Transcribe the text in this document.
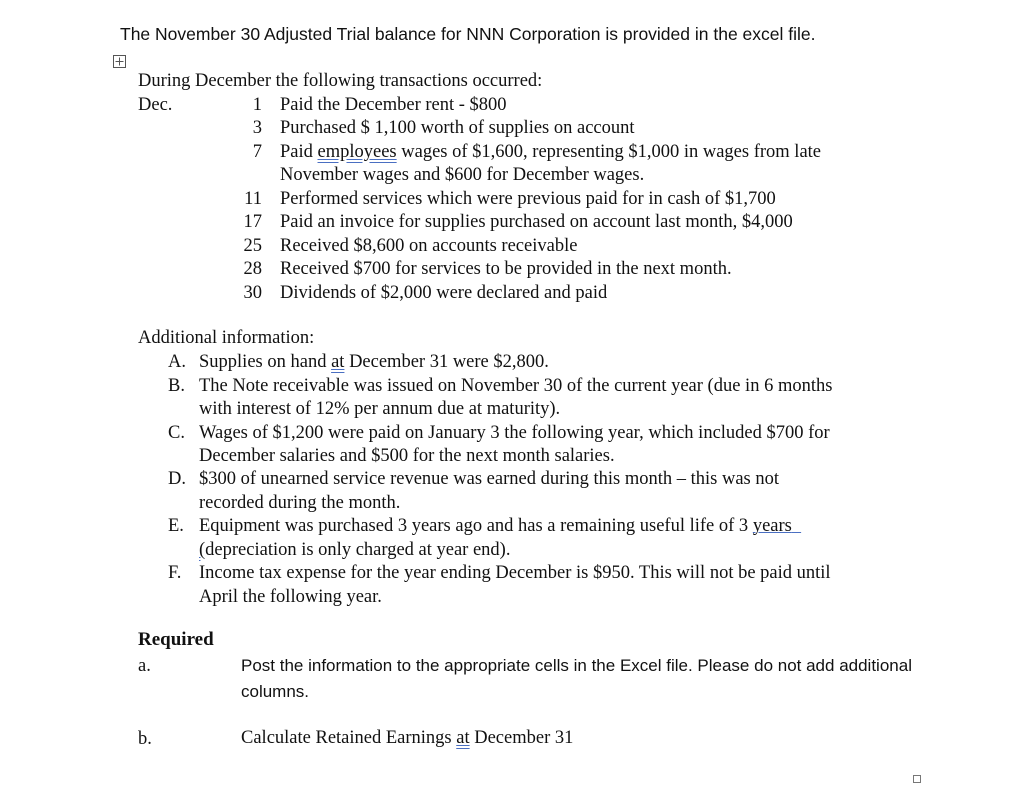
The November 30 Adjusted Trial balance for NNN Corporation is provided in the excel file.
During December the following transactions occurred:
Dec.	1 Paid the December rent - $800
3 Purchased $ 1,100 worth of supplies on account
7 Paid employees wages of $1,600, representing $1,000 in wages from late
November wages and $600 for December wages.
11 Performed services which were previous paid for in cash of $1,700
17 Paid an invoice for supplies purchased on account last month, $4,000
25 Received $8,600 on accounts receivable
28 Received $700 for services to be provided in the next month.
30 Dividends of $2,000 were declared and paid
Additional information:
A. Supplies on hand at December 31 were $2,800.
B. The Note receivable was issued on November 30 of the current year (due in 6 months
with interest of 12% per annum due at maturity).
C. Wages of $1,200 were paid on January 3 the following year, which included $700 for
December salaries and $500 for the next month salaries.
D. $300 of unearned service revenue was earned during this month – this was not
recorded during the month.
E. Equipment was purchased 3 years ago and has a remaining useful life of 3 years
(depreciation is only charged at year end).
F. Income tax expense for the year ending December is $950. This will not be paid until
April the following year.
Required
a.	Post the information to the appropriate cells in the Excel file. Please do not add additional columns.
b.	Calculate Retained Earnings at December 31
